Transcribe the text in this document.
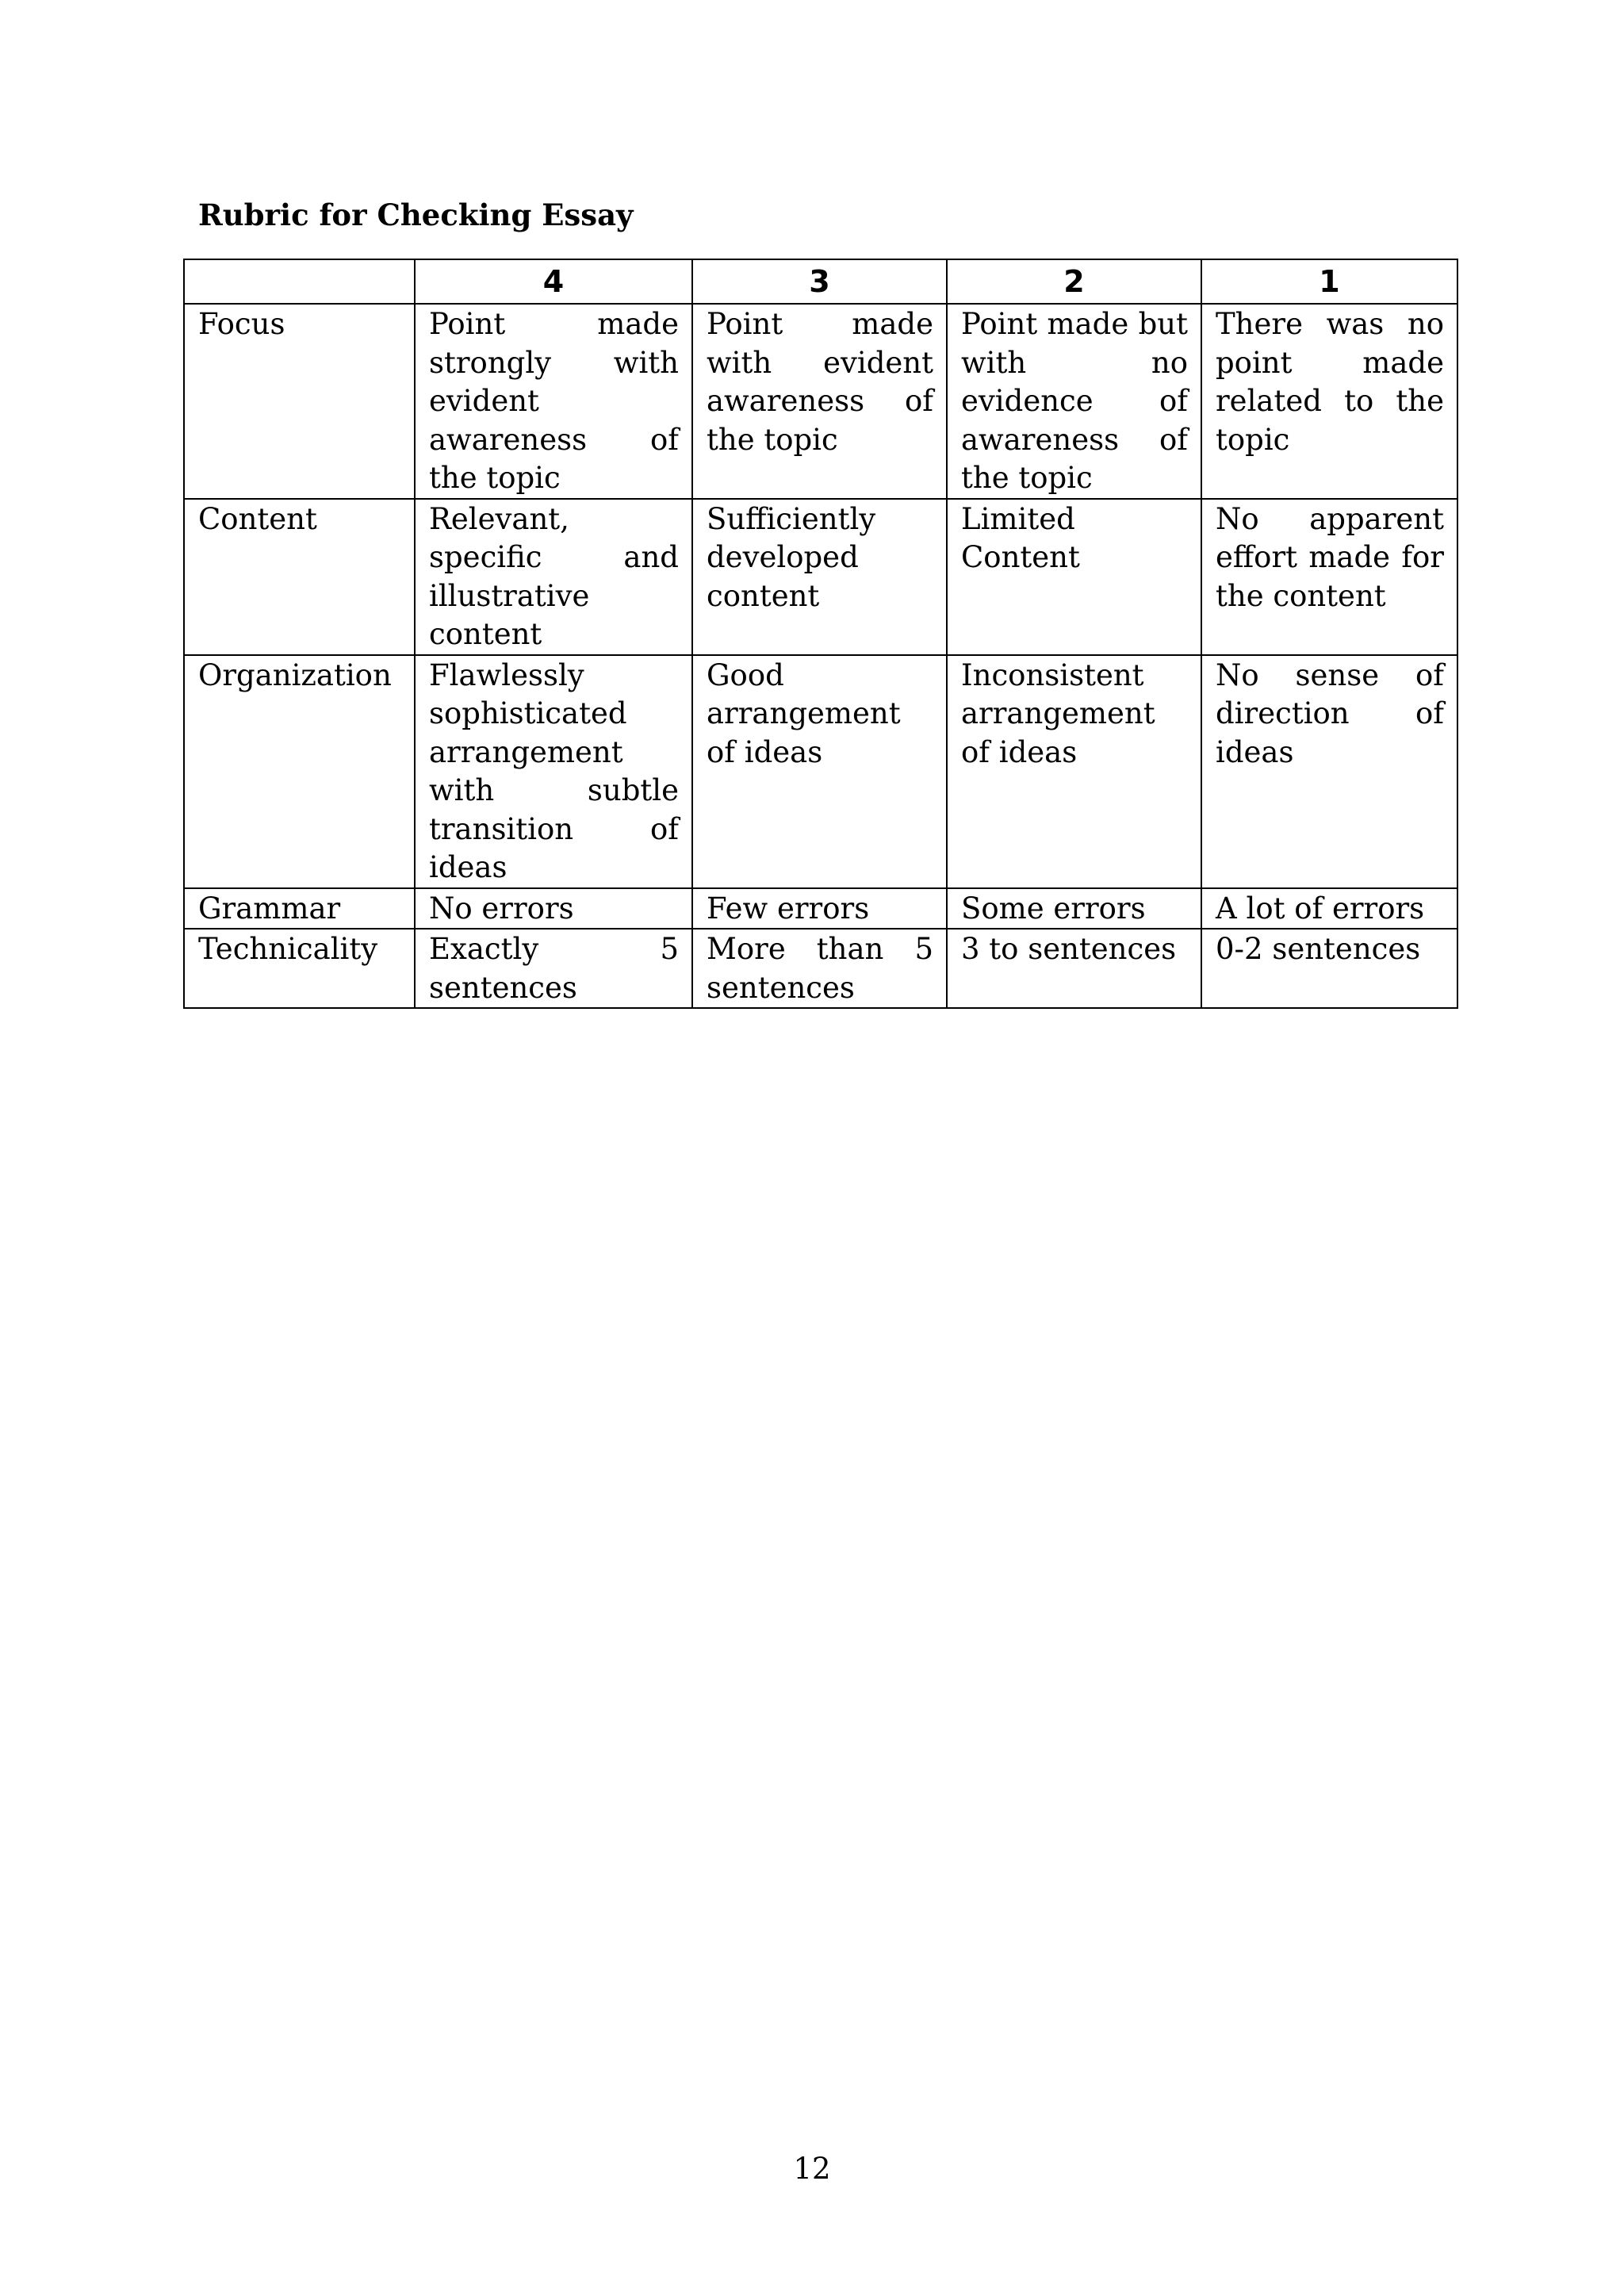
Rubric for Checking Essay
	4	3	2	1
Focus	Point made strongly with evident awareness of the topic	Point made with evident awareness of the topic	Point made but with no evidence of awareness of the topic	There was no point made related to the topic
Content	Relevant, specific and illustrative content	Sufficiently developed content	Limited Content	No apparent effort made for the content
Organization	Flawlessly sophisticated arrangement with subtle transition of ideas	Good arrangement of ideas	Inconsistent arrangement of ideas	No sense of direction of ideas
Grammar	No errors	Few errors	Some errors	A lot of errors
Technicality	Exactly 5 sentences	More than 5 sentences	3 to sentences	0-2 sentences

12
